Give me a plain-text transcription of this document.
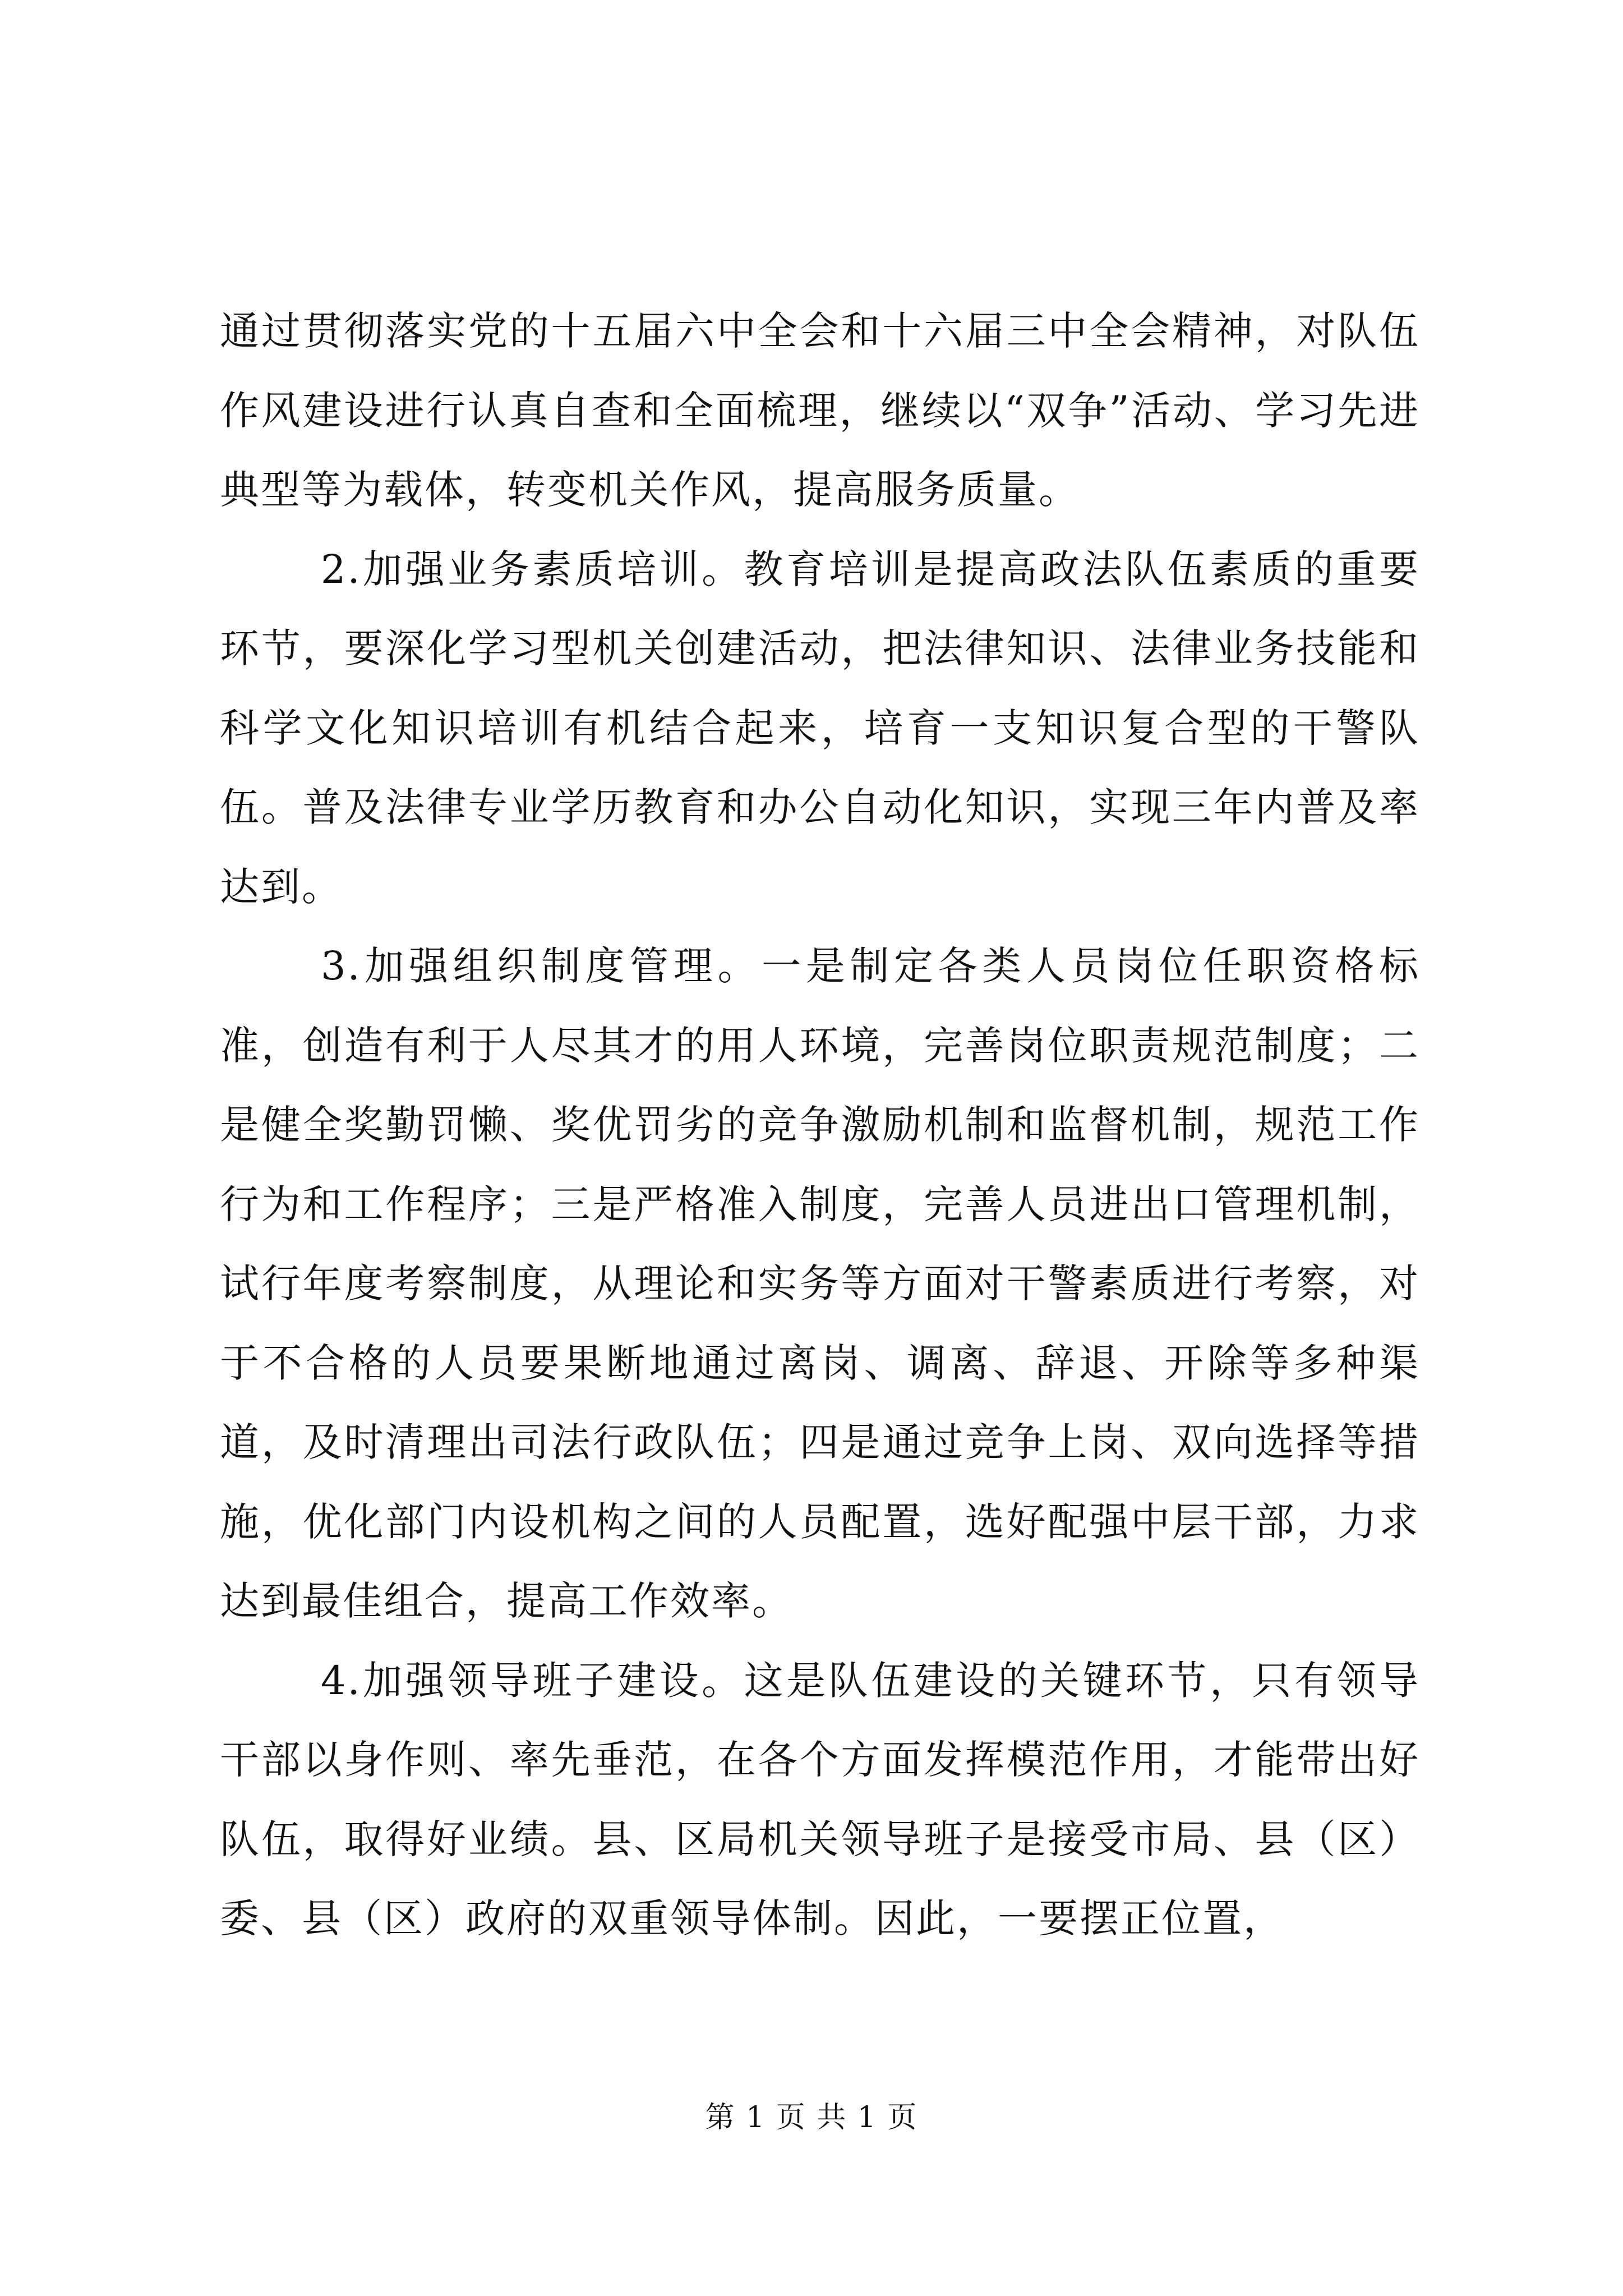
通过贯彻落实党的十五届六中全会和十六届三中全会精神，对队伍作风建设进行认真自查和全面梳理，继续以“双争”活动、学习先进典型等为载体，转变机关作风，提高服务质量。

2.加强业务素质培训。教育培训是提高政法队伍素质的重要环节，要深化学习型机关创建活动，把法律知识、法律业务技能和科学文化知识培训有机结合起来，培育一支知识复合型的干警队伍。普及法律专业学历教育和办公自动化知识，实现三年内普及率达到。

3.加强组织制度管理。一是制定各类人员岗位任职资格标准，创造有利于人尽其才的用人环境，完善岗位职责规范制度；二是健全奖勤罚懒、奖优罚劣的竞争激励机制和监督机制，规范工作行为和工作程序；三是严格准入制度，完善人员进出口管理机制，试行年度考察制度，从理论和实务等方面对干警素质进行考察，对于不合格的人员要果断地通过离岗、调离、辞退、开除等多种渠道，及时清理出司法行政队伍；四是通过竞争上岗、双向选择等措施，优化部门内设机构之间的人员配置，选好配强中层干部，力求达到最佳组合，提高工作效率。

4.加强领导班子建设。这是队伍建设的关键环节，只有领导干部以身作则、率先垂范，在各个方面发挥模范作用，才能带出好队伍，取得好业绩。县、区局机关领导班子是接受市局、县（区）委、县（区）政府的双重领导体制。因此，一要摆正位置，

第 1 页 共 1 页
